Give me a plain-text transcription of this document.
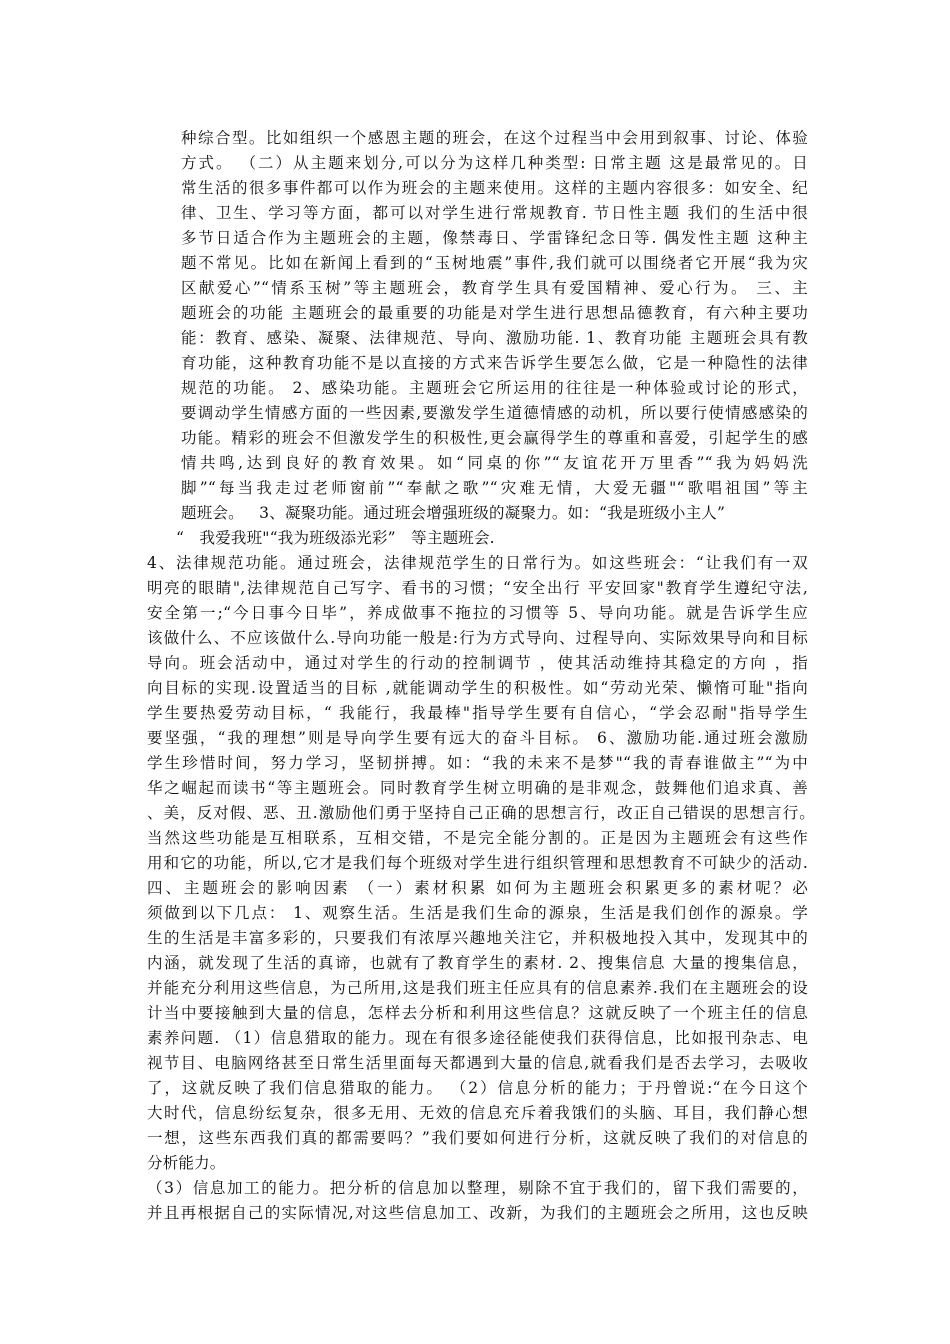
种综合型。比如组织一个感恩主题的班会，在这个过程当中会用到叙事、讨论、体验
方式。 （二）从主题来划分,可以分为这样几种类型: 日常主题 这是最常见的。日
常生活的很多事件都可以作为班会的主题来使用。这样的主题内容很多：如安全、纪
律、卫生、学习等方面，都可以对学生进行常规教育. 节日性主题 我们的生活中很
多节日适合作为主题班会的主题，像禁毒日、学雷锋纪念日等. 偶发性主题 这种主
题不常见。比如在新闻上看到的“玉树地震”事件,我们就可以围绕者它开展“我为灾
区献爱心”“情系玉树”等主题班会，教育学生具有爱国精神、爱心行为。 三、主
题班会的功能 主题班会的最重要的功能是对学生进行思想品德教育，有六种主要功
能：教育、感染、凝聚、法律规范、导向、激励功能. 1、教育功能 主题班会具有教
育功能，这种教育功能不是以直接的方式来告诉学生要怎么做，它是一种隐性的法律
规范的功能。 2、感染功能。主题班会它所运用的往往是一种体验或讨论的形式，
要调动学生情感方面的一些因素,要激发学生道德情感的动机，所以要行使情感感染的
功能。精彩的班会不但激发学生的积极性,更会赢得学生的尊重和喜爱，引起学生的感
情共鸣,达到良好的教育效果。如“同桌的你”“友谊花开万里香”“我为妈妈洗
脚”“每当我走过老师窗前”“奉献之歌”“灾难无情，大爱无疆"“歌唱祖国”等主
题班会。   3、凝聚功能。通过班会增强班级的凝聚力。如：“我是班级小主人”
“   我爱我班"“我为班级添光彩”   等主题班会.
4、法律规范功能。通过班会，法律规范学生的日常行为。如这些班会：“让我们有一双
明亮的眼睛",法律规范自己写字、看书的习惯；“安全出行 平安回家"教育学生遵纪守法,
安全第一;“今日事今日毕”，养成做事不拖拉的习惯等 5、导向功能。就是告诉学生应
该做什么、不应该做什么.导向功能一般是:行为方式导向、过程导向、实际效果导向和目标
导向。班会活动中，通过对学生的行动的控制调节 ，使其活动维持其稳定的方向 ，指
向目标的实现.设置适当的目标 ,就能调动学生的积极性。如“劳动光荣、懒惰可耻"指向
学生要热爱劳动目标，“ 我能行，我最棒"指导学生要有自信心，“学会忍耐"指导学生
要坚强，“我的理想”则是导向学生要有远大的奋斗目标。 6、激励功能.通过班会激励
学生珍惜时间，努力学习，坚韧拼搏。如：“我的未来不是梦"“我的青春谁做主”“为中
华之崛起而读书“等主题班会。同时教育学生树立明确的是非观念，鼓舞他们追求真、善
、美，反对假、恶、丑.激励他们勇于坚持自己正确的思想言行，改正自己错误的思想言行。
当然这些功能是互相联系，互相交错，不是完全能分割的。正是因为主题班会有这些作
用和它的功能，所以,它才是我们每个班级对学生进行组织管理和思想教育不可缺少的活动.
四、主题班会的影响因素 （一）素材积累 如何为主题班会积累更多的素材呢？必
须做到以下几点： 1、观察生活。生活是我们生命的源泉，生活是我们创作的源泉。学
生的生活是丰富多彩的，只要我们有浓厚兴趣地关注它，并积极地投入其中，发现其中的
内涵，就发现了生活的真谛，也就有了教育学生的素材. 2、搜集信息 大量的搜集信息，
并能充分利用这些信息，为己所用,这是我们班主任应具有的信息素养.我们在主题班会的设
计当中要接触到大量的信息，怎样去分析和利用这些信息？这就反映了一个班主任的信息
素养问题. （1）信息猎取的能力。现在有很多途径能使我们获得信息，比如报刊杂志、电
视节目、电脑网络甚至日常生活里面每天都遇到大量的信息,就看我们是否去学习，去吸收
了，这就反映了我们信息猎取的能力。 （2）信息分析的能力；于丹曾说:“在今日这个
大时代，信息纷纭复杂，很多无用、无效的信息充斥着我饿们的头脑、耳目，我们静心想
一想，这些东西我们真的都需要吗？”我们要如何进行分析，这就反映了我们的对信息的
分析能力。
（3）信息加工的能力。把分析的信息加以整理，剔除不宜于我们的，留下我们需要的，
并且再根据自己的实际情况,对这些信息加工、改新，为我们的主题班会之所用，这也反映
